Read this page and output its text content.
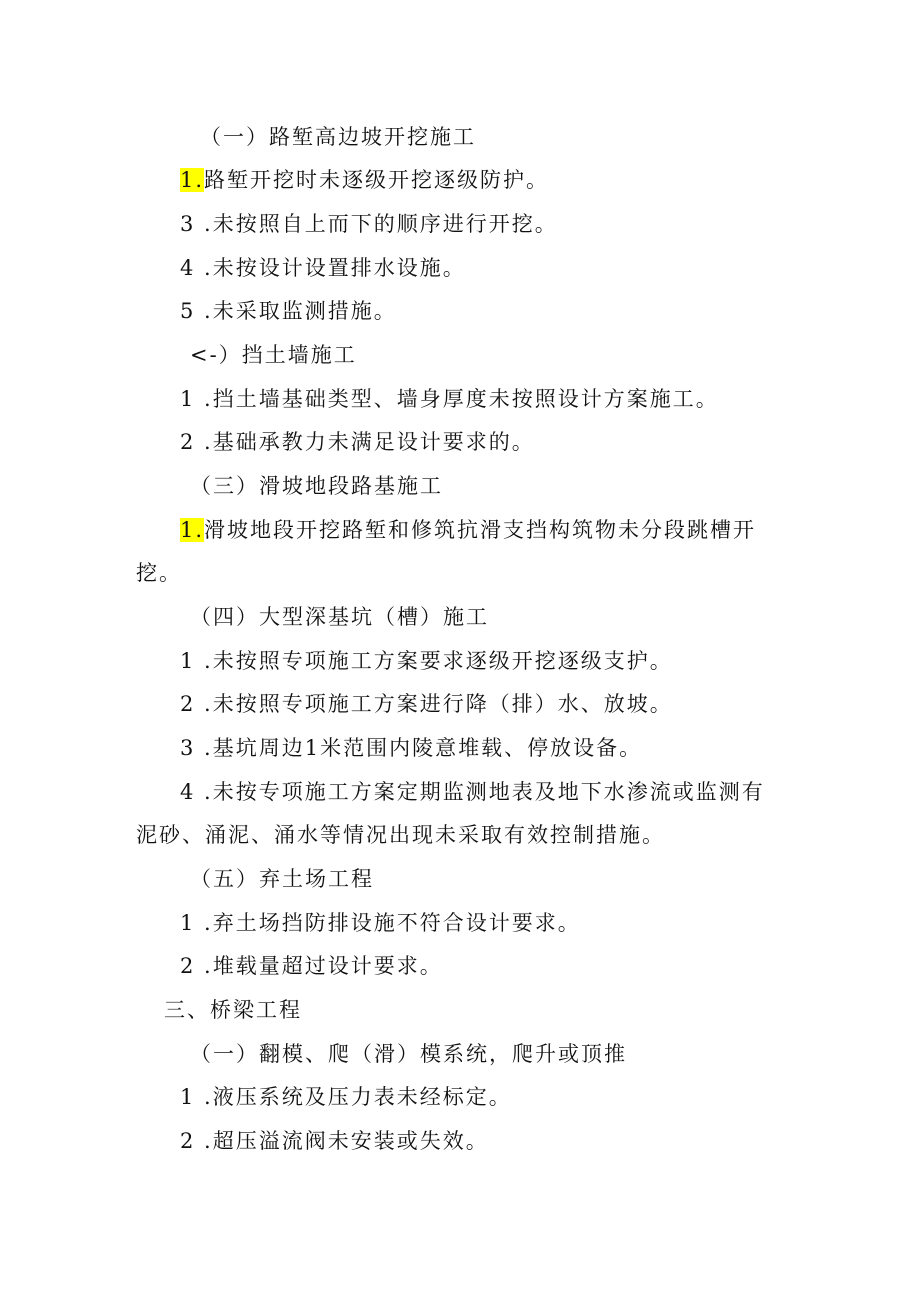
（一）路堑高边坡开挖施工
1.路堑开挖时未逐级开挖逐级防护。
3 .未按照自上而下的顺序进行开挖。
4 .未按设计设置排水设施。
5 .未采取监测措施。
<-）挡土墙施工
1 .挡土墙基础类型、墙身厚度未按照设计方案施工。
2 .基础承教力未满足设计要求的。
（三）滑坡地段路基施工
1.滑坡地段开挖路堑和修筑抗滑支挡构筑物未分段跳槽开
挖。
（四）大型深基坑（槽）施工
1 .未按照专项施工方案要求逐级开挖逐级支护。
2 .未按照专项施工方案进行降（排）水、放坡。
3 .基坑周边1米范围内陵意堆载、停放设备。
4 .未按专项施工方案定期监测地表及地下水渗流或监测有
泥砂、涌泥、涌水等情况出现未采取有效控制措施。
（五）弃土场工程
1 .弃土场挡防排设施不符合设计要求。
2 .堆载量超过设计要求。
三、桥梁工程
（一）翻模、爬（滑）模系统，爬升或顶推
1 .液压系统及压力表未经标定。
2 .超压溢流阀未安装或失效。
